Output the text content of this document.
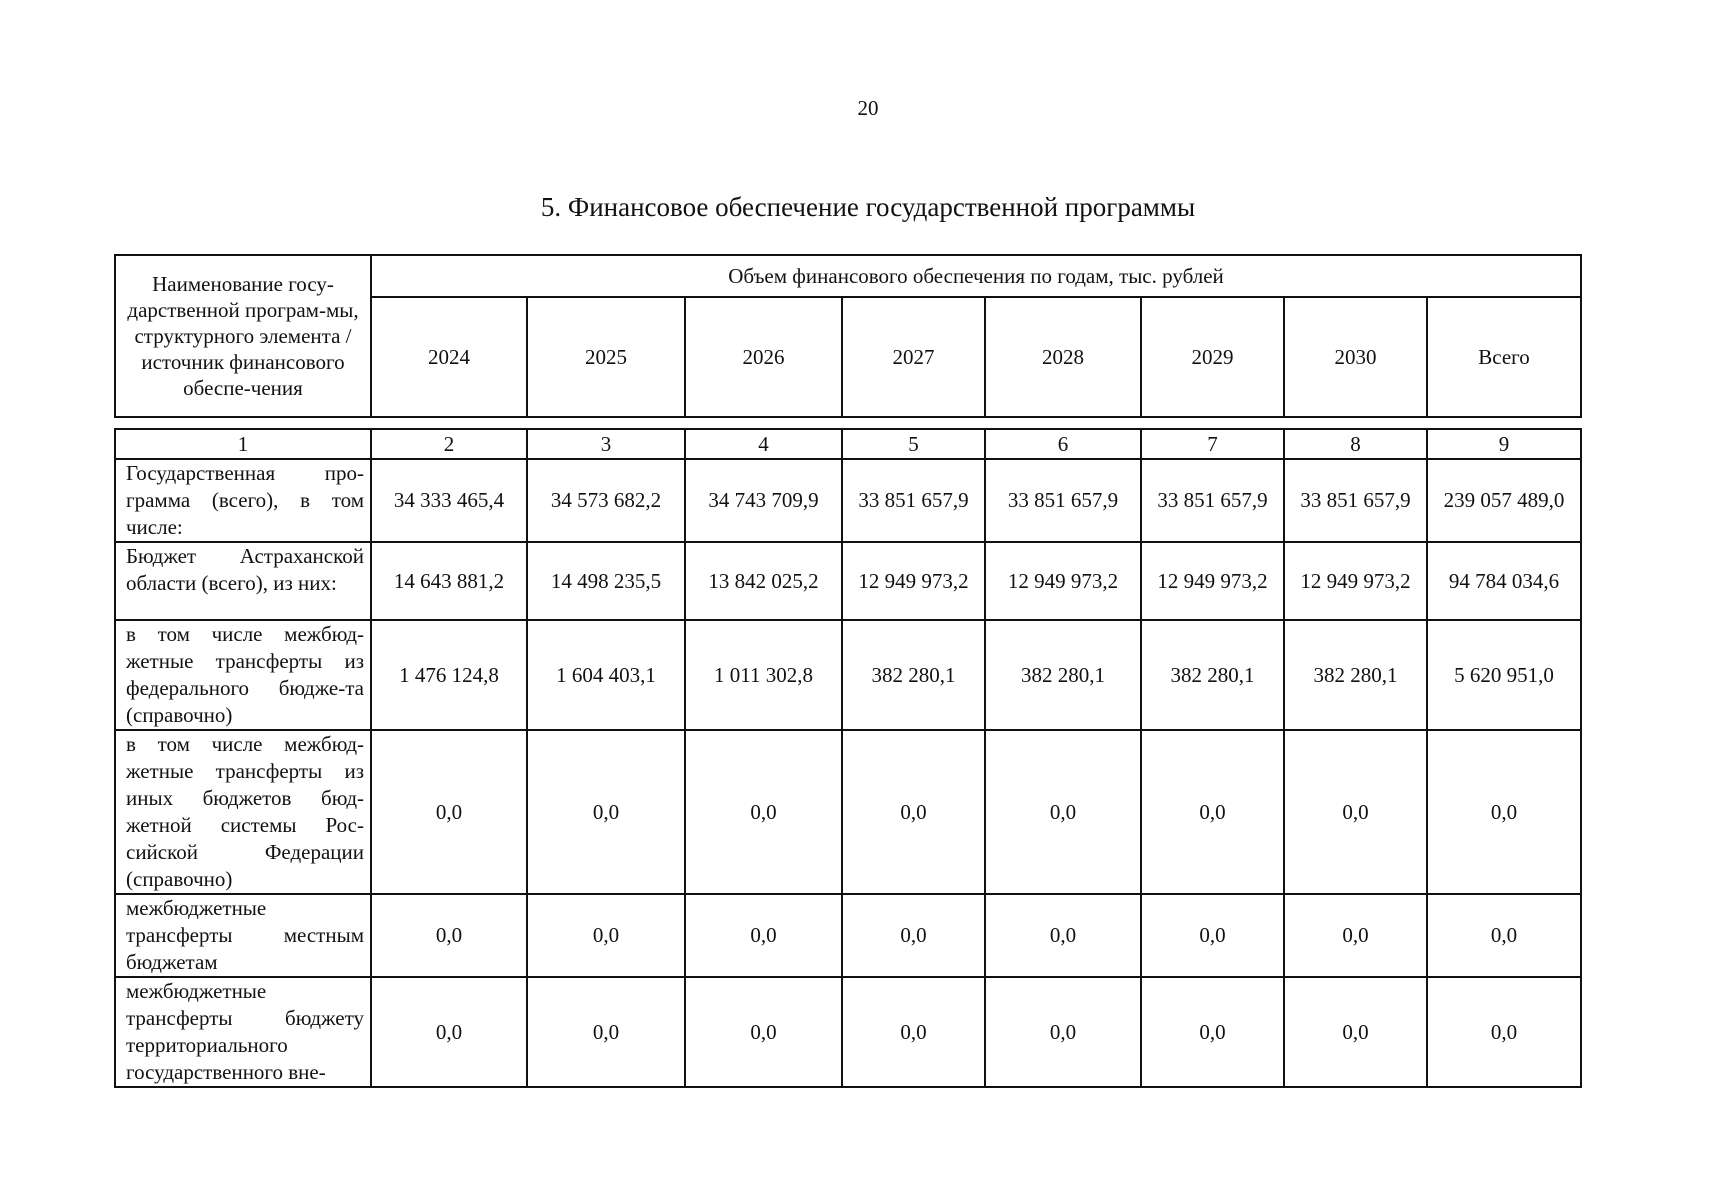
20
5. Финансовое обеспечение государственной программы
Наименование госу-дарственной програм-мы, структурного элемента / источник финансового обеспе-чения	Объем финансового обеспечения по годам, тыс. рублей							
	2024	2025	2026	2027	2028	2029	2030	Всего
1	2	3	4	5	6	7	8	9
Государственная про-грамма (всего), в том числе:	34 333 465,4	34 573 682,2	34 743 709,9	33 851 657,9	33 851 657,9	33 851 657,9	33 851 657,9	239 057 489,0
Бюджет Астраханской области (всего), из них:	14 643 881,2	14 498 235,5	13 842 025,2	12 949 973,2	12 949 973,2	12 949 973,2	12 949 973,2	94 784 034,6
в том числе межбюд-жетные трансферты из федерального бюдже-та (справочно)	1 476 124,8	1 604 403,1	1 011 302,8	382 280,1	382 280,1	382 280,1	382 280,1	5 620 951,0
в том числе межбюд-жетные трансферты из иных бюджетов бюд-жетной системы Рос-сийской Федерации (справочно)	0,0	0,0	0,0	0,0	0,0	0,0	0,0	0,0
межбюджетные трансферты местным бюджетам	0,0	0,0	0,0	0,0	0,0	0,0	0,0	0,0
межбюджетные трансферты бюджету территориального государственного вне-	0,0	0,0	0,0	0,0	0,0	0,0	0,0	0,0
